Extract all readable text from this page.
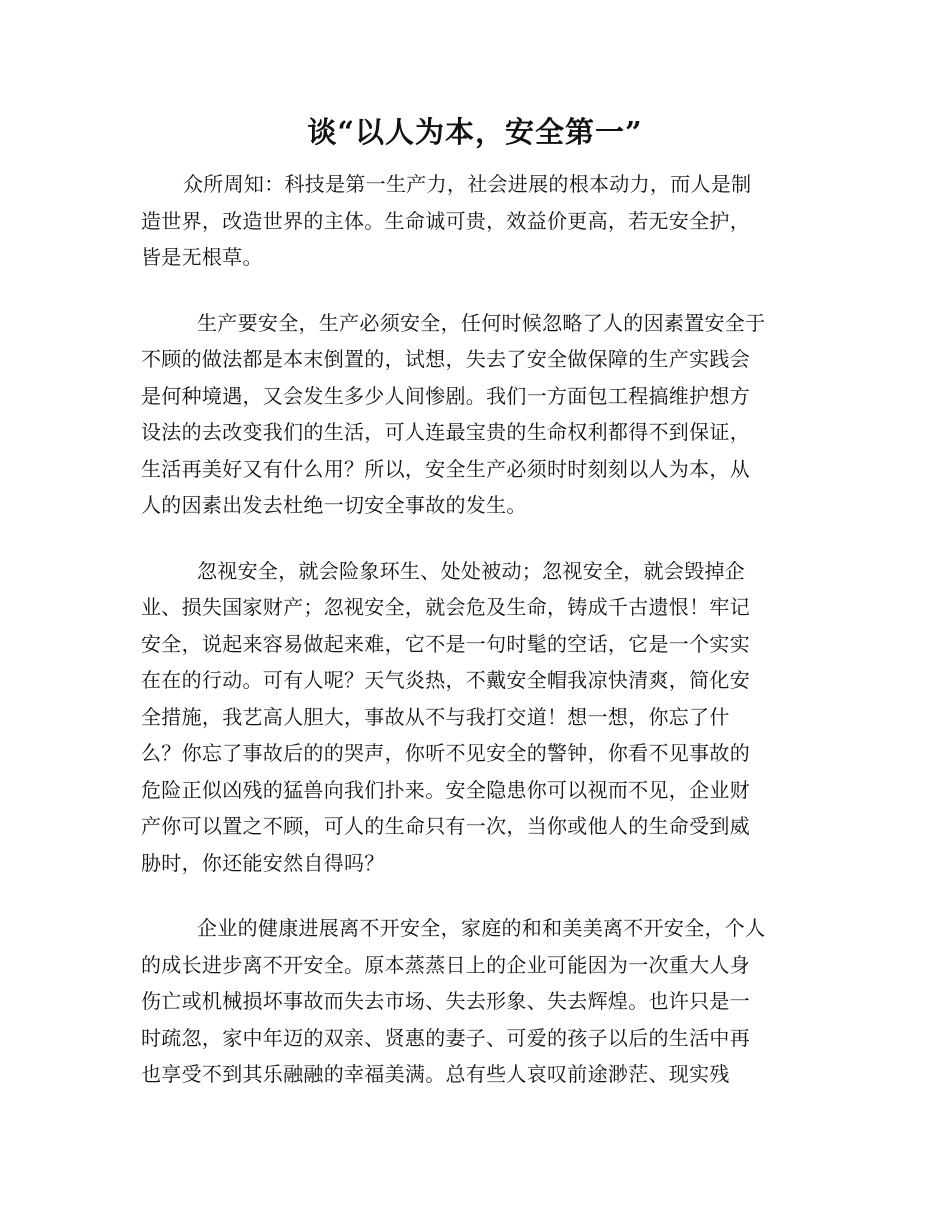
谈“以人为本，安全第一”

众所周知：科技是第一生产力，社会进展的根本动力，而人是制
造世界，改造世界的主体。生命诚可贵，效益价更高，若无安全护，
皆是无根草。

生产要安全，生产必须安全，任何时候忽略了人的因素置安全于
不顾的做法都是本末倒置的，试想，失去了安全做保障的生产实践会
是何种境遇，又会发生多少人间惨剧。我们一方面包工程搞维护想方
设法的去改变我们的生活，可人连最宝贵的生命权利都得不到保证，
生活再美好又有什么用？所以，安全生产必须时时刻刻以人为本，从
人的因素出发去杜绝一切安全事故的发生。

忽视安全，就会险象环生、处处被动；忽视安全，就会毁掉企
业、损失国家财产；忽视安全，就会危及生命，铸成千古遗恨！牢记
安全，说起来容易做起来难，它不是一句时髦的空话，它是一个实实
在在的行动。可有人呢？天气炎热，不戴安全帽我凉快清爽，简化安
全措施，我艺高人胆大，事故从不与我打交道！想一想，你忘了什
么？你忘了事故后的的哭声，你听不见安全的警钟，你看不见事故的
危险正似凶残的猛兽向我们扑来。安全隐患你可以视而不见，企业财
产你可以置之不顾，可人的生命只有一次，当你或他人的生命受到威
胁时，你还能安然自得吗？

企业的健康进展离不开安全，家庭的和和美美离不开安全，个人
的成长进步离不开安全。原本蒸蒸日上的企业可能因为一次重大人身
伤亡或机械损坏事故而失去市场、失去形象、失去辉煌。也许只是一
时疏忽，家中年迈的双亲、贤惠的妻子、可爱的孩子以后的生活中再
也享受不到其乐融融的幸福美满。总有些人哀叹前途渺茫、现实残
